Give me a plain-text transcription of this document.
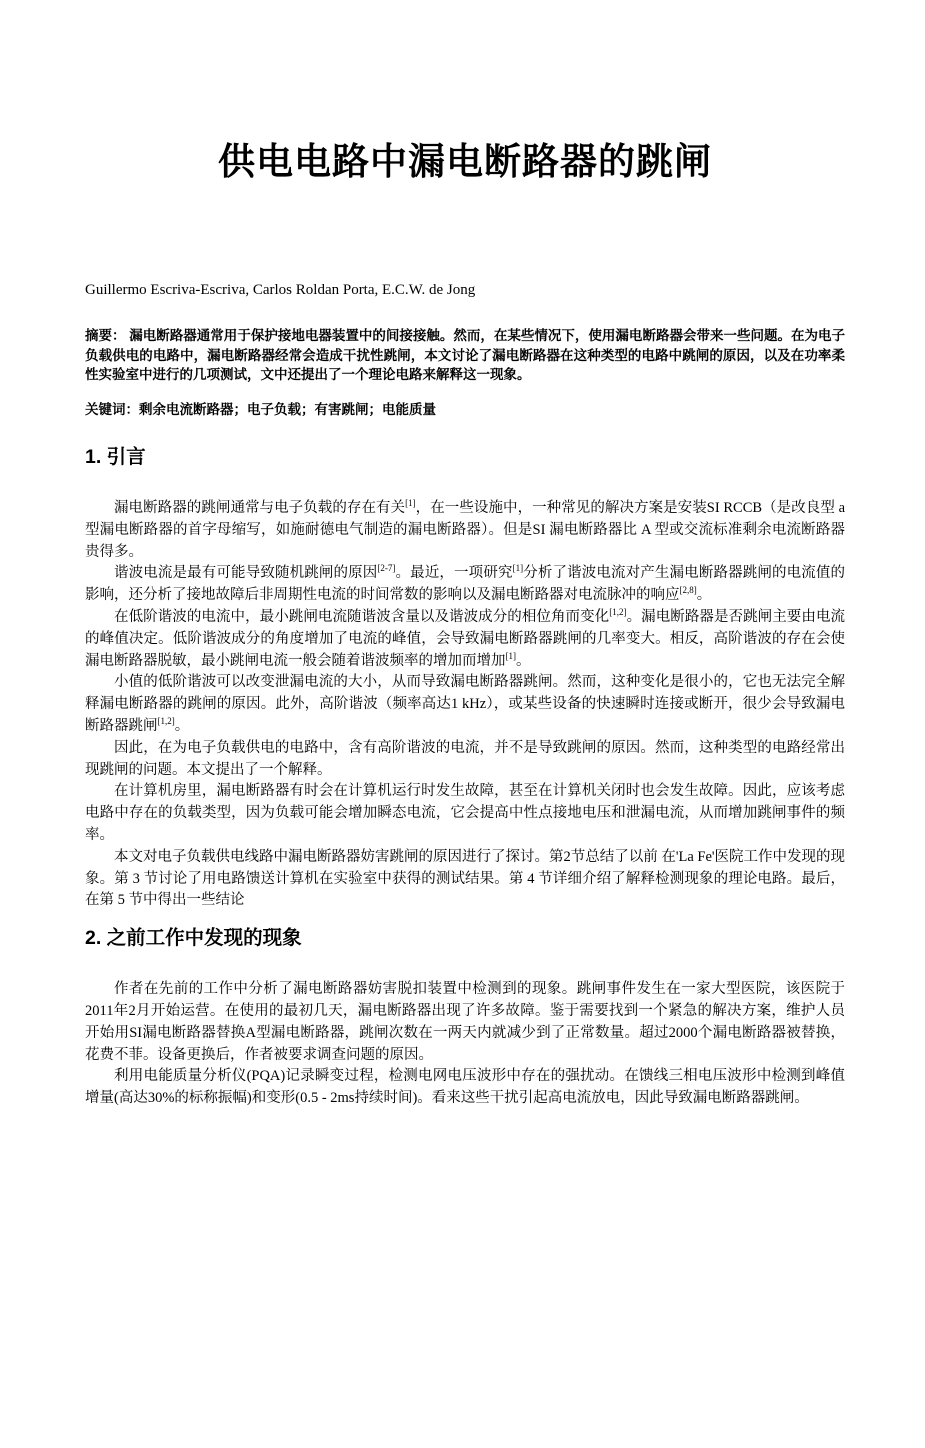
供电电路中漏电断路器的跳闸
Guillermo Escriva-Escriva, Carlos Roldan Porta, E.C.W. de Jong

摘要： 漏电断路器通常用于保护接地电器装置中的间接接触。然而，在某些情况下，使用漏电断路器会带来一些问题。在为电子负载供电的电路中，漏电断路器经常会造成干扰性跳闸，本文讨论了漏电断路器在这种类型的电路中跳闸的原因，以及在功率柔性实验室中进行的几项测试，文中还提出了一个理论电路来解释这一现象。

关键词：剩余电流断路器；电子负载；有害跳闸；电能质量

1. 引言

漏电断路器的跳闸通常与电子负载的存在有关[1]，在一些设施中，一种常见的解决方案是安装SI RCCB（是改良型 a 型漏电断路器的首字母缩写，如施耐德电气制造的漏电断路器）。但是SI 漏电断路器比 A 型或交流标准剩余电流断路器贵得多。

谐波电流是最有可能导致随机跳闸的原因[2-7]。最近，一项研究[1]分析了谐波电流对产生漏电断路器跳闸的电流值的影响，还分析了接地故障后非周期性电流的时间常数的影响以及漏电断路器对电流脉冲的响应[2,8]。

在低阶谐波的电流中，最小跳闸电流随谐波含量以及谐波成分的相位角而变化[1,2]。漏电断路器是否跳闸主要由电流的峰值决定。低阶谐波成分的角度增加了电流的峰值，会导致漏电断路器跳闸的几率变大。相反，高阶谐波的存在会使漏电断路器脱敏，最小跳闸电流一般会随着谐波频率的增加而增加[1]。

小值的低阶谐波可以改变泄漏电流的大小，从而导致漏电断路器跳闸。然而，这种变化是很小的，它也无法完全解释漏电断路器的跳闸的原因。此外，高阶谐波（频率高达1 kHz），或某些设备的快速瞬时连接或断开，很少会导致漏电断路器跳闸[1,2]。

因此，在为电子负载供电的电路中，含有高阶谐波的电流，并不是导致跳闸的原因。然而，这种类型的电路经常出现跳闸的问题。本文提出了一个解释。

在计算机房里，漏电断路器有时会在计算机运行时发生故障，甚至在计算机关闭时也会发生故障。因此，应该考虑电路中存在的负载类型，因为负载可能会增加瞬态电流，它会提高中性点接地电压和泄漏电流，从而增加跳闸事件的频率。

本文对电子负载供电线路中漏电断路器妨害跳闸的原因进行了探讨。第2节总结了以前 在'La Fe'医院工作中发现的现象。第 3 节讨论了用电路馈送计算机在实验室中获得的测试结果。第 4 节详细介绍了解释检测现象的理论电路。最后，在第 5 节中得出一些结论

2. 之前工作中发现的现象

作者在先前的工作中分析了漏电断路器妨害脱扣装置中检测到的现象。跳闸事件发生在一家大型医院，该医院于2011年2月开始运营。在使用的最初几天，漏电断路器出现了许多故障。鉴于需要找到一个紧急的解决方案，维护人员开始用SI漏电断路器替换A型漏电断路器，跳闸次数在一两天内就减少到了正常数量。超过2000个漏电断路器被替换，花费不菲。设备更换后，作者被要求调查问题的原因。

利用电能质量分析仪(PQA)记录瞬变过程，检测电网电压波形中存在的强扰动。在馈线三相电压波形中检测到峰值增量(高达30%的标称振幅)和变形(0.5 - 2ms持续时间)。看来这些干扰引起高电流放电，因此导致漏电断路器跳闸。
